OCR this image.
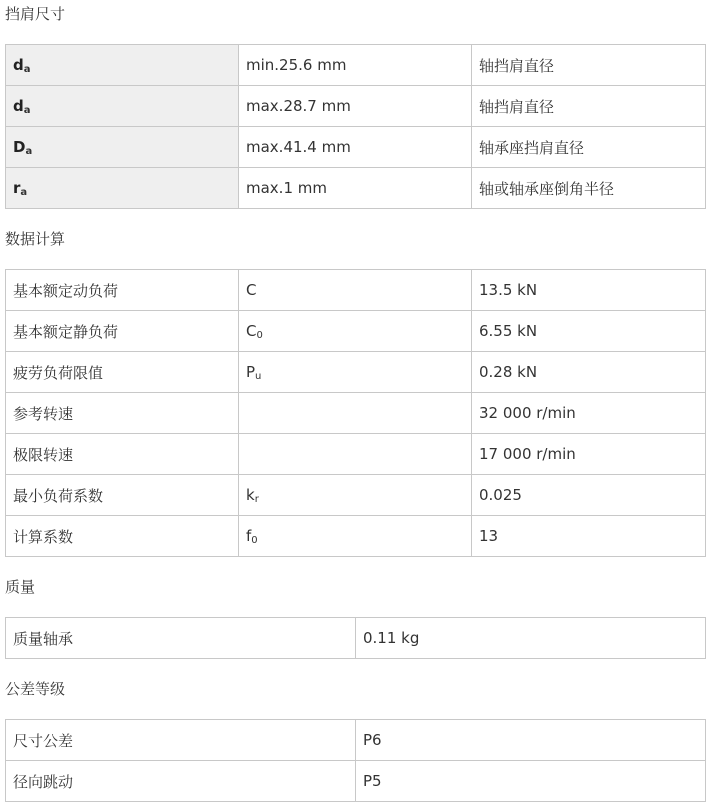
挡肩尺寸
da	min.25.6 mm	轴挡肩直径
da	max.28.7 mm	轴挡肩直径
Da	max.41.4 mm	轴承座挡肩直径
ra	max.1 mm	轴或轴承座倒角半径
数据计算
基本额定动负荷	C	13.5 kN
基本额定静负荷	C0	6.55 kN
疲劳负荷限值	Pu	0.28 kN
参考转速		32 000 r/min
极限转速		17 000 r/min
最小负荷系数	kr	0.025
计算系数	f0	13
质量
质量轴承	0.11 kg
公差等级
尺寸公差	P6
径向跳动	P5
